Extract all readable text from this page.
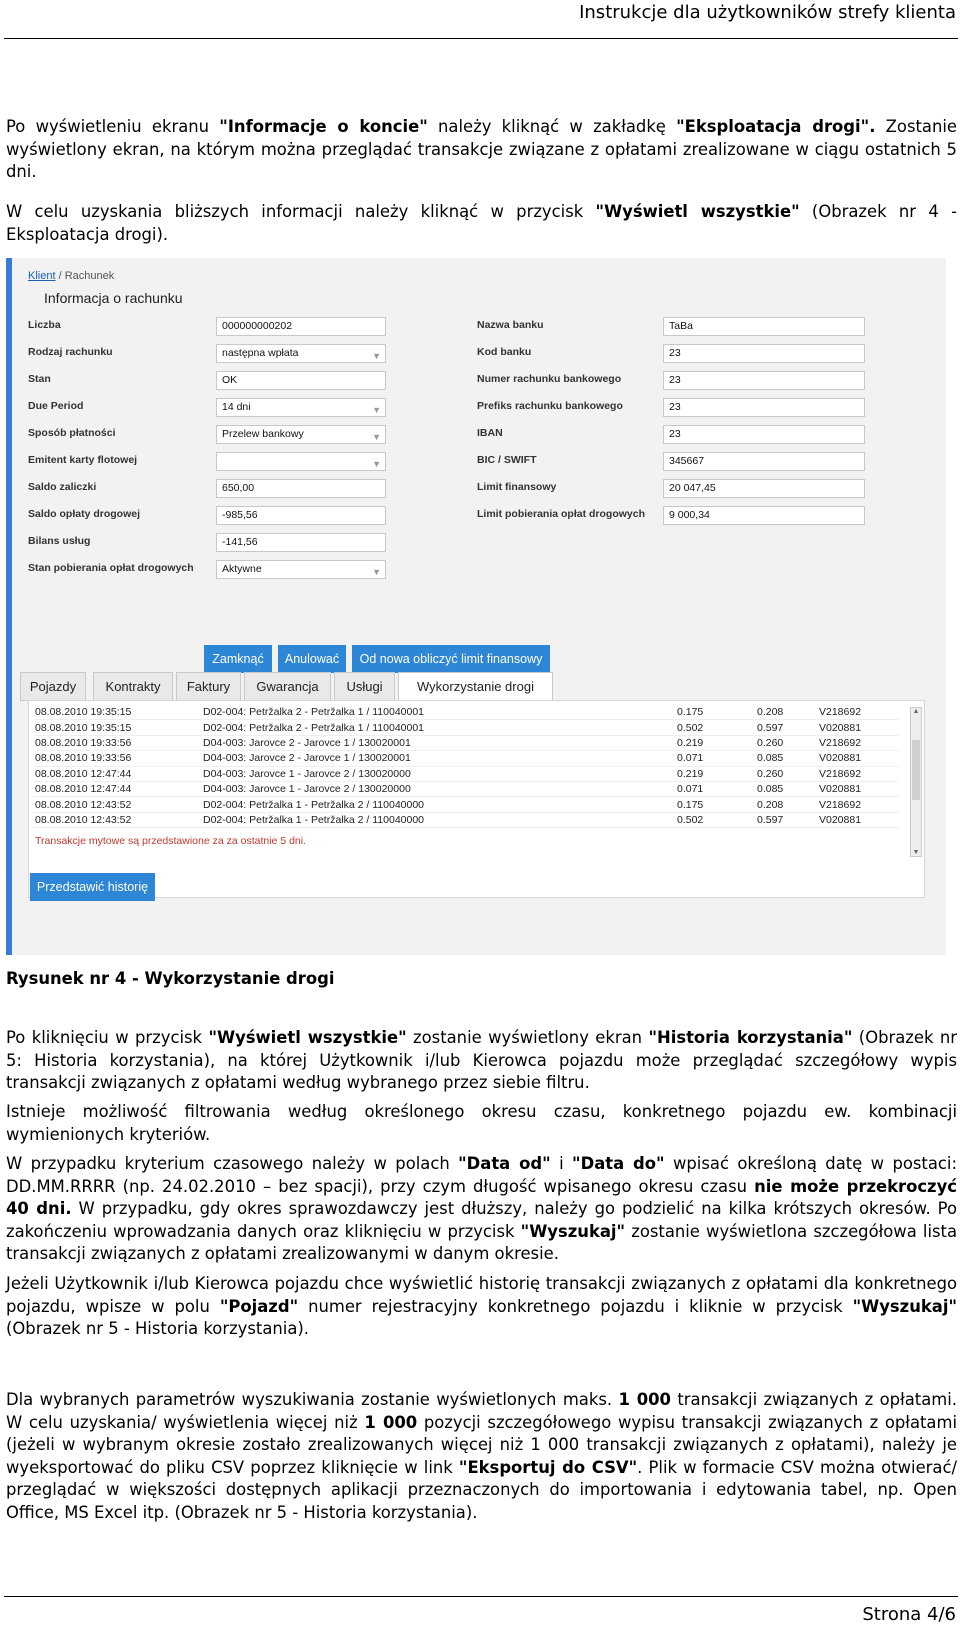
Instrukcje dla użytkowników strefy klienta

Po wyświetleniu ekranu "Informacje o koncie" należy kliknąć w zakładkę "Eksploatacja drogi". Zostanie wyświetlony ekran, na którym można przeglądać transakcje związane z opłatami zrealizowane w ciągu ostatnich 5 dni.

W celu uzyskania bliższych informacji należy kliknąć w przycisk "Wyświetl wszystkie" (Obrazek nr 4 - Eksploatacja drogi).

Klient / Rachunek
Informacja o rachunku
Liczba	000000000202
Rodzaj rachunku	następna wpłata	▼
Stan	OK
Due Period	14 dni	▼
Sposób płatności	Przelew bankowy	▼
Emitent karty flotowej	▼
Saldo zaliczki	650,00
Saldo opłaty drogowej	-985,56
Bilans usług	-141,56
Stan pobierania opłat drogowych	Aktywne	▼
Nazwa banku	TaBa
Kod banku	23
Numer rachunku bankowego	23
Prefiks rachunku bankowego	23
IBAN	23
BIC / SWIFT	345667
Limit finansowy	20 047,45
Limit pobierania opłat drogowych	9 000,34
Zamknąć	Anulować	Od nowa obliczyć limit finansowy
Pojazdy	Kontrakty	Faktury	Gwarancja	Usługi	Wykorzystanie drogi
08.08.2010 19:35:15	D02-004: Petržalka 2 - Petržalka 1 / 110040001	0.175	0.208	V218692
08.08.2010 19:35:15	D02-004: Petržalka 2 - Petržalka 1 / 110040001	0.502	0.597	V020881
08.08.2010 19:33:56	D04-003: Jarovce 2 - Jarovce 1 / 130020001	0.219	0.260	V218692
08.08.2010 19:33:56	D04-003: Jarovce 2 - Jarovce 1 / 130020001	0.071	0.085	V020881
08.08.2010 12:47:44	D04-003: Jarovce 1 - Jarovce 2 / 130020000	0.219	0.260	V218692
08.08.2010 12:47:44	D04-003: Jarovce 1 - Jarovce 2 / 130020000	0.071	0.085	V020881
08.08.2010 12:43:52	D02-004: Petržalka 1 - Petržalka 2 / 110040000	0.175	0.208	V218692
08.08.2010 12:43:52	D02-004: Petržalka 1 - Petržalka 2 / 110040000	0.502	0.597	V020881
▲
▼
Transakcje mytowe są przedstawione za za ostatnie 5 dni.
Przedstawić historię

Rysunek nr 4 - Wykorzystanie drogi

Po kliknięciu w przycisk "Wyświetl wszystkie" zostanie wyświetlony ekran "Historia korzystania" (Obrazek nr 5: Historia korzystania), na której Użytkownik i/lub Kierowca pojazdu może przeglądać szczegółowy wypis transakcji związanych z opłatami według wybranego przez siebie filtru.

Istnieje możliwość filtrowania według określonego okresu czasu, konkretnego pojazdu ew. kombinacji wymienionych kryteriów.

W przypadku kryterium czasowego należy w polach "Data od" i "Data do" wpisać określoną datę w postaci: DD.MM.RRRR (np. 24.02.2010 – bez spacji), przy czym długość wpisanego okresu czasu nie może przekroczyć 40 dni. W przypadku, gdy okres sprawozdawczy jest dłuższy, należy go podzielić na kilka krótszych okresów. Po zakończeniu wprowadzania danych oraz kliknięciu w przycisk "Wyszukaj" zostanie wyświetlona szczegółowa lista transakcji związanych z opłatami zrealizowanymi w danym okresie.

Jeżeli Użytkownik i/lub Kierowca pojazdu chce wyświetlić historię transakcji związanych z opłatami dla konkretnego pojazdu, wpisze w polu "Pojazd" numer rejestracyjny konkretnego pojazdu i kliknie w przycisk "Wyszukaj" (Obrazek nr 5 - Historia korzystania).

Dla wybranych parametrów wyszukiwania zostanie wyświetlonych maks. 1 000 transakcji związanych z opłatami. W celu uzyskania/ wyświetlenia więcej niż 1 000 pozycji szczegółowego wypisu transakcji związanych z opłatami (jeżeli w wybranym okresie zostało zrealizowanych więcej niż 1 000 transakcji związanych z opłatami), należy je wyeksportować do pliku CSV poprzez kliknięcie w link "Eksportuj do CSV". Plik w formacie CSV można otwierać/ przeglądać w większości dostępnych aplikacji przeznaczonych do importowania i edytowania tabel, np. Open Office, MS Excel itp. (Obrazek nr 5 - Historia korzystania).

Strona 4/6
